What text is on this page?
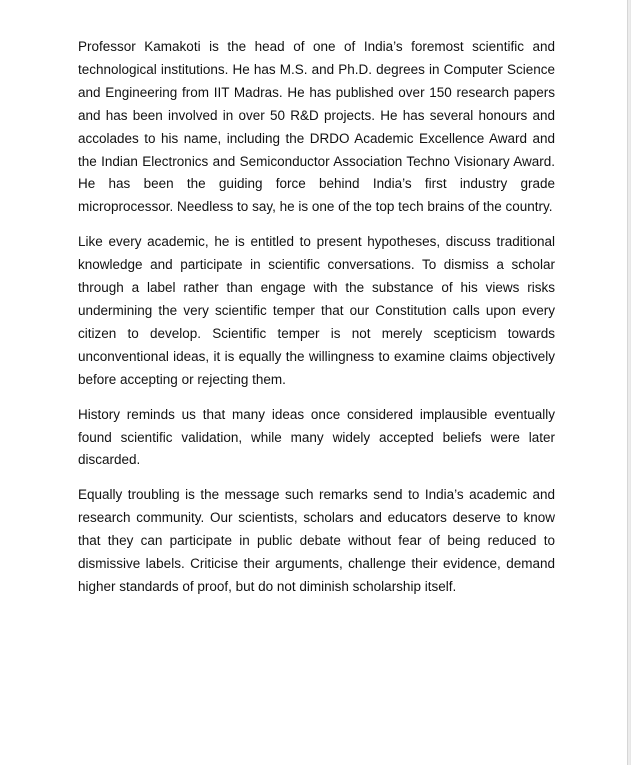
Professor Kamakoti is the head of one of India’s foremost scientific and technological institutions. He has M.S. and Ph.D. degrees in Computer Science and Engineering from IIT Madras. He has published over 150 research papers and has been involved in over 50 R&D projects. He has several honours and accolades to his name, including the DRDO Academic Excellence Award and the Indian Electronics and Semiconductor Association Techno Visionary Award. He has been the guiding force behind India’s first industry grade microprocessor. Needless to say, he is one of the top tech brains of the country.

Like every academic, he is entitled to present hypotheses, discuss traditional knowledge and participate in scientific conversations. To dismiss a scholar through a label rather than engage with the substance of his views risks undermining the very scientific temper that our Constitution calls upon every citizen to develop. Scientific temper is not merely scepticism towards unconventional ideas, it is equally the willingness to examine claims objectively before accepting or rejecting them.

History reminds us that many ideas once considered implausible eventually found scientific validation, while many widely accepted beliefs were later discarded.

Equally troubling is the message such remarks send to India’s academic and research community. Our scientists, scholars and educators deserve to know that they can participate in public debate without fear of being reduced to dismissive labels. Criticise their arguments, challenge their evidence, demand higher standards of proof, but do not diminish scholarship itself.
